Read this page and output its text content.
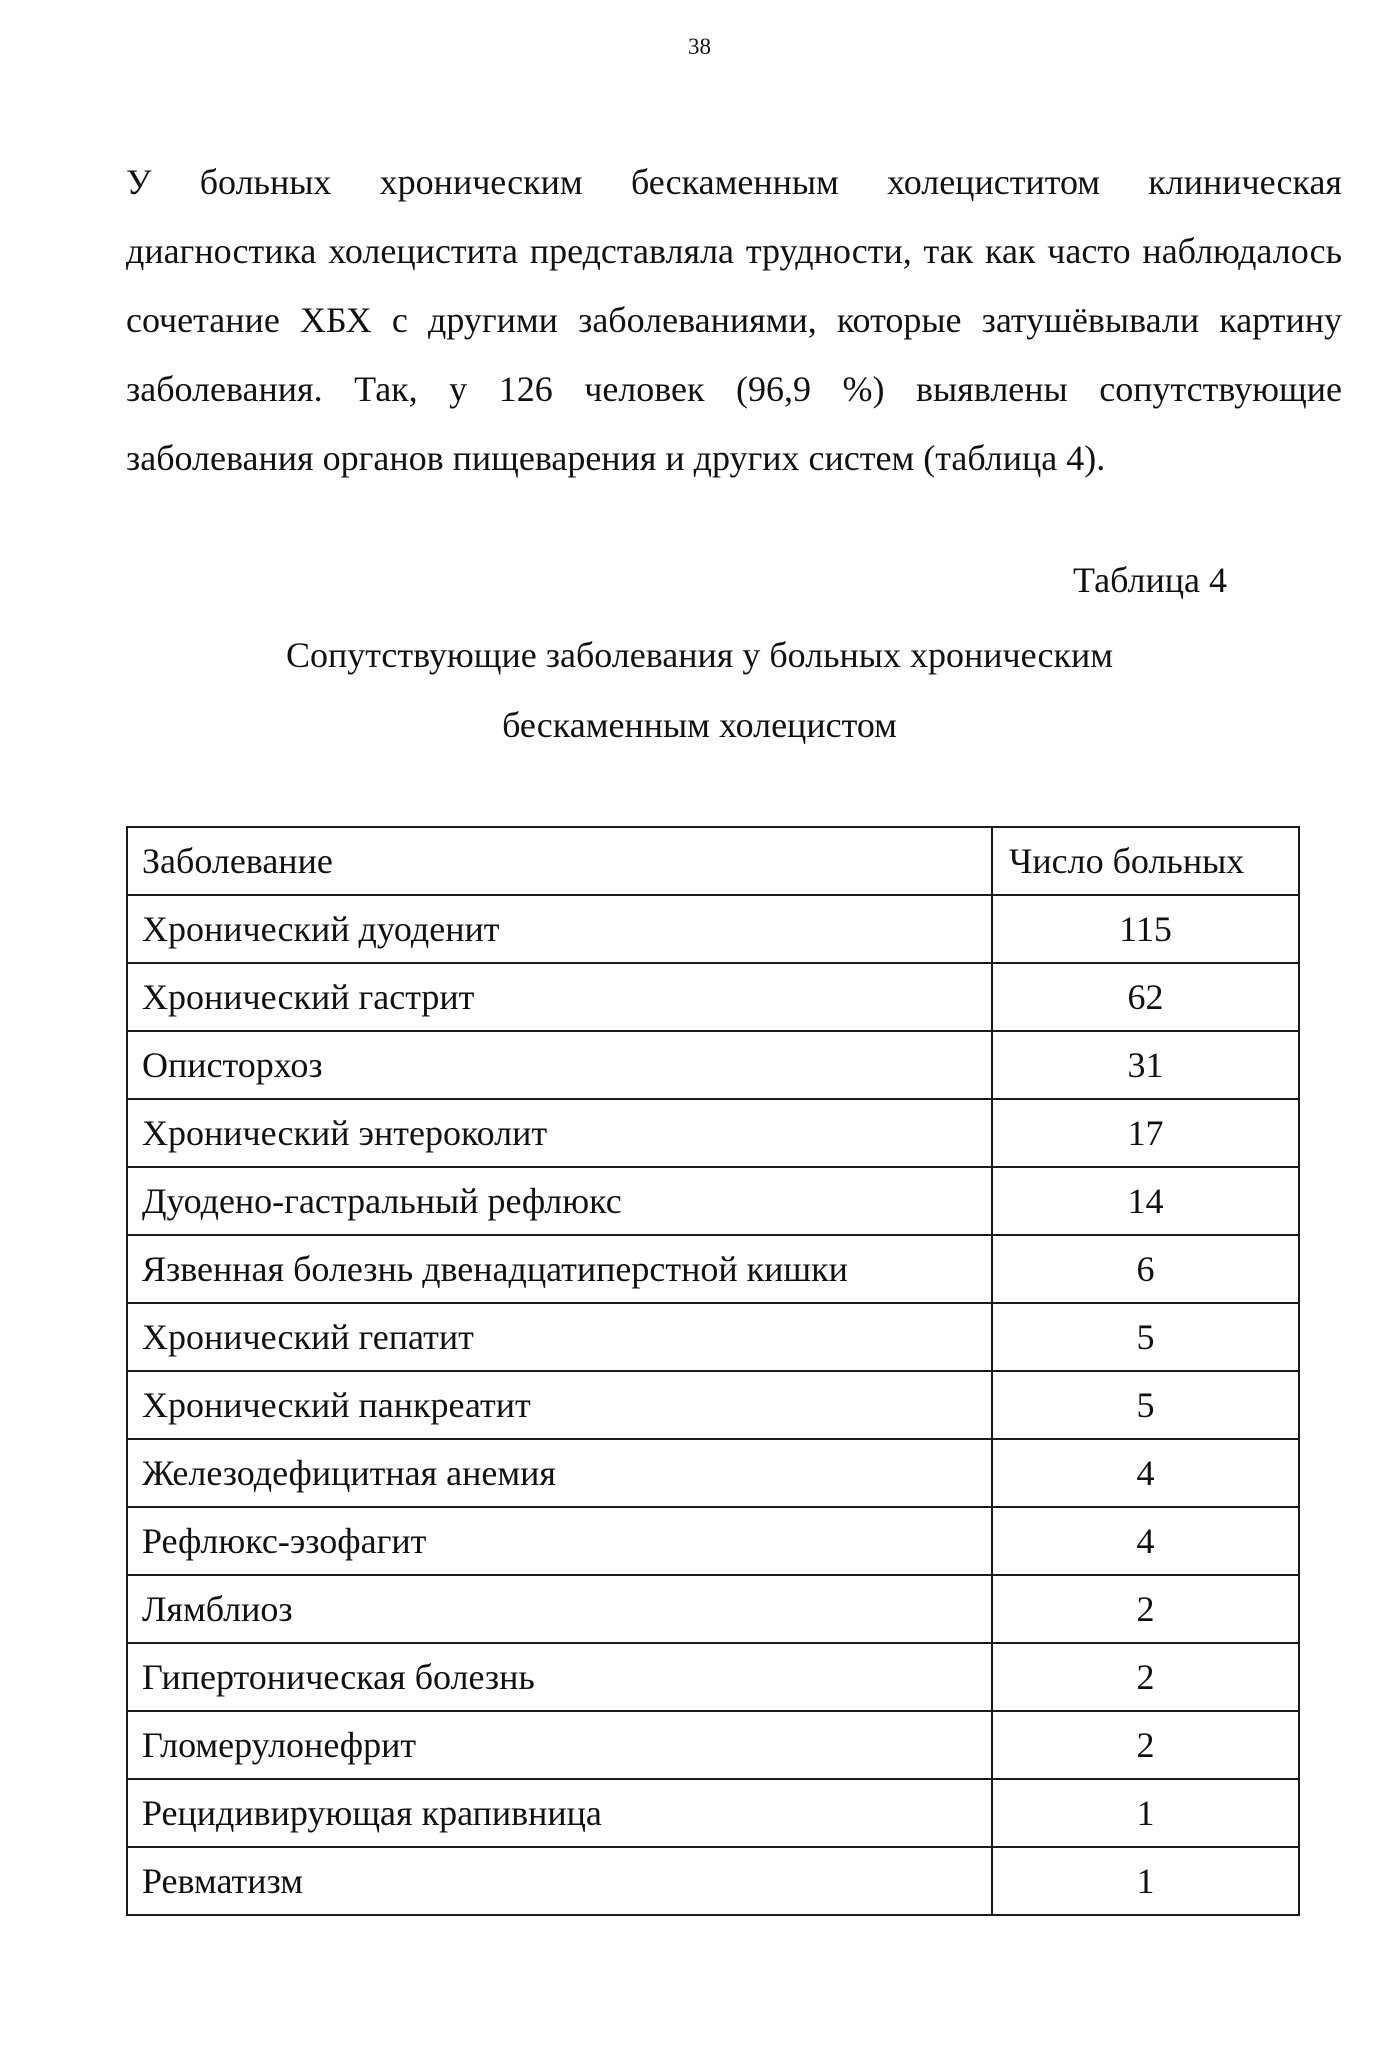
38

У больных хроническим бескаменным холециститом клиническая диагностика холецистита представляла трудности, так как часто наблюдалось сочетание ХБХ с другими заболеваниями, которые затушёвывали картину заболевания. Так, у 126 человек (96,9 %) выявлены сопутствующие заболевания органов пищеварения и других систем (таблица 4).

Таблица 4
Сопутствующие заболевания у больных хроническим
бескаменным холецистом
Заболевание	Число больных
Хронический дуоденит	115
Хронический гастрит	62
Описторхоз	31
Хронический энтероколит	17
Дуодено-гастральный рефлюкс	14
Язвенная болезнь двенадцатиперстной кишки	6
Хронический гепатит	5
Хронический панкреатит	5
Железодефицитная анемия	4
Рефлюкс-эзофагит	4
Лямблиоз	2
Гипертоническая болезнь	2
Гломерулонефрит	2
Рецидивирующая крапивница	1
Ревматизм	1
